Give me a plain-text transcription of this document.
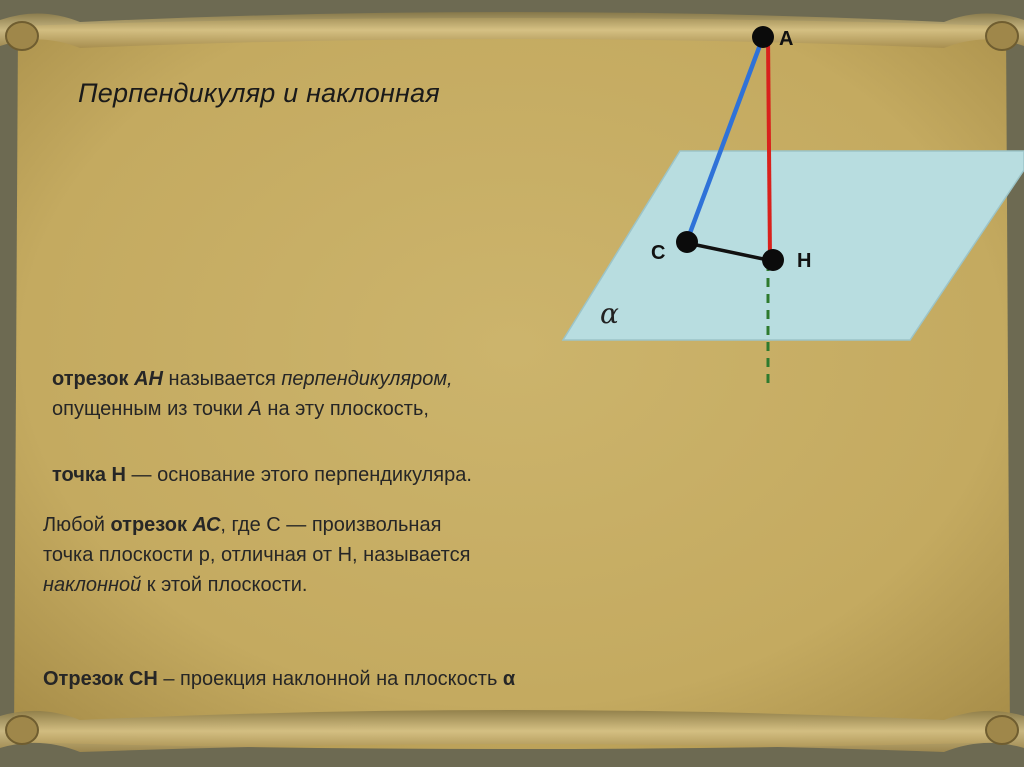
Перпендикуляр и наклонная
A
C	H
α
отрезок АН называется перпендикуляром,
опущенным из точки А на эту плоскость,
точка Н — основание этого перпендикуляра.
Любой отрезок АС, где С — произвольная
точка плоскости р, отличная от Н, называется
наклонной к этой плоскости.
Отрезок СН – проекция наклонной на плоскость α
